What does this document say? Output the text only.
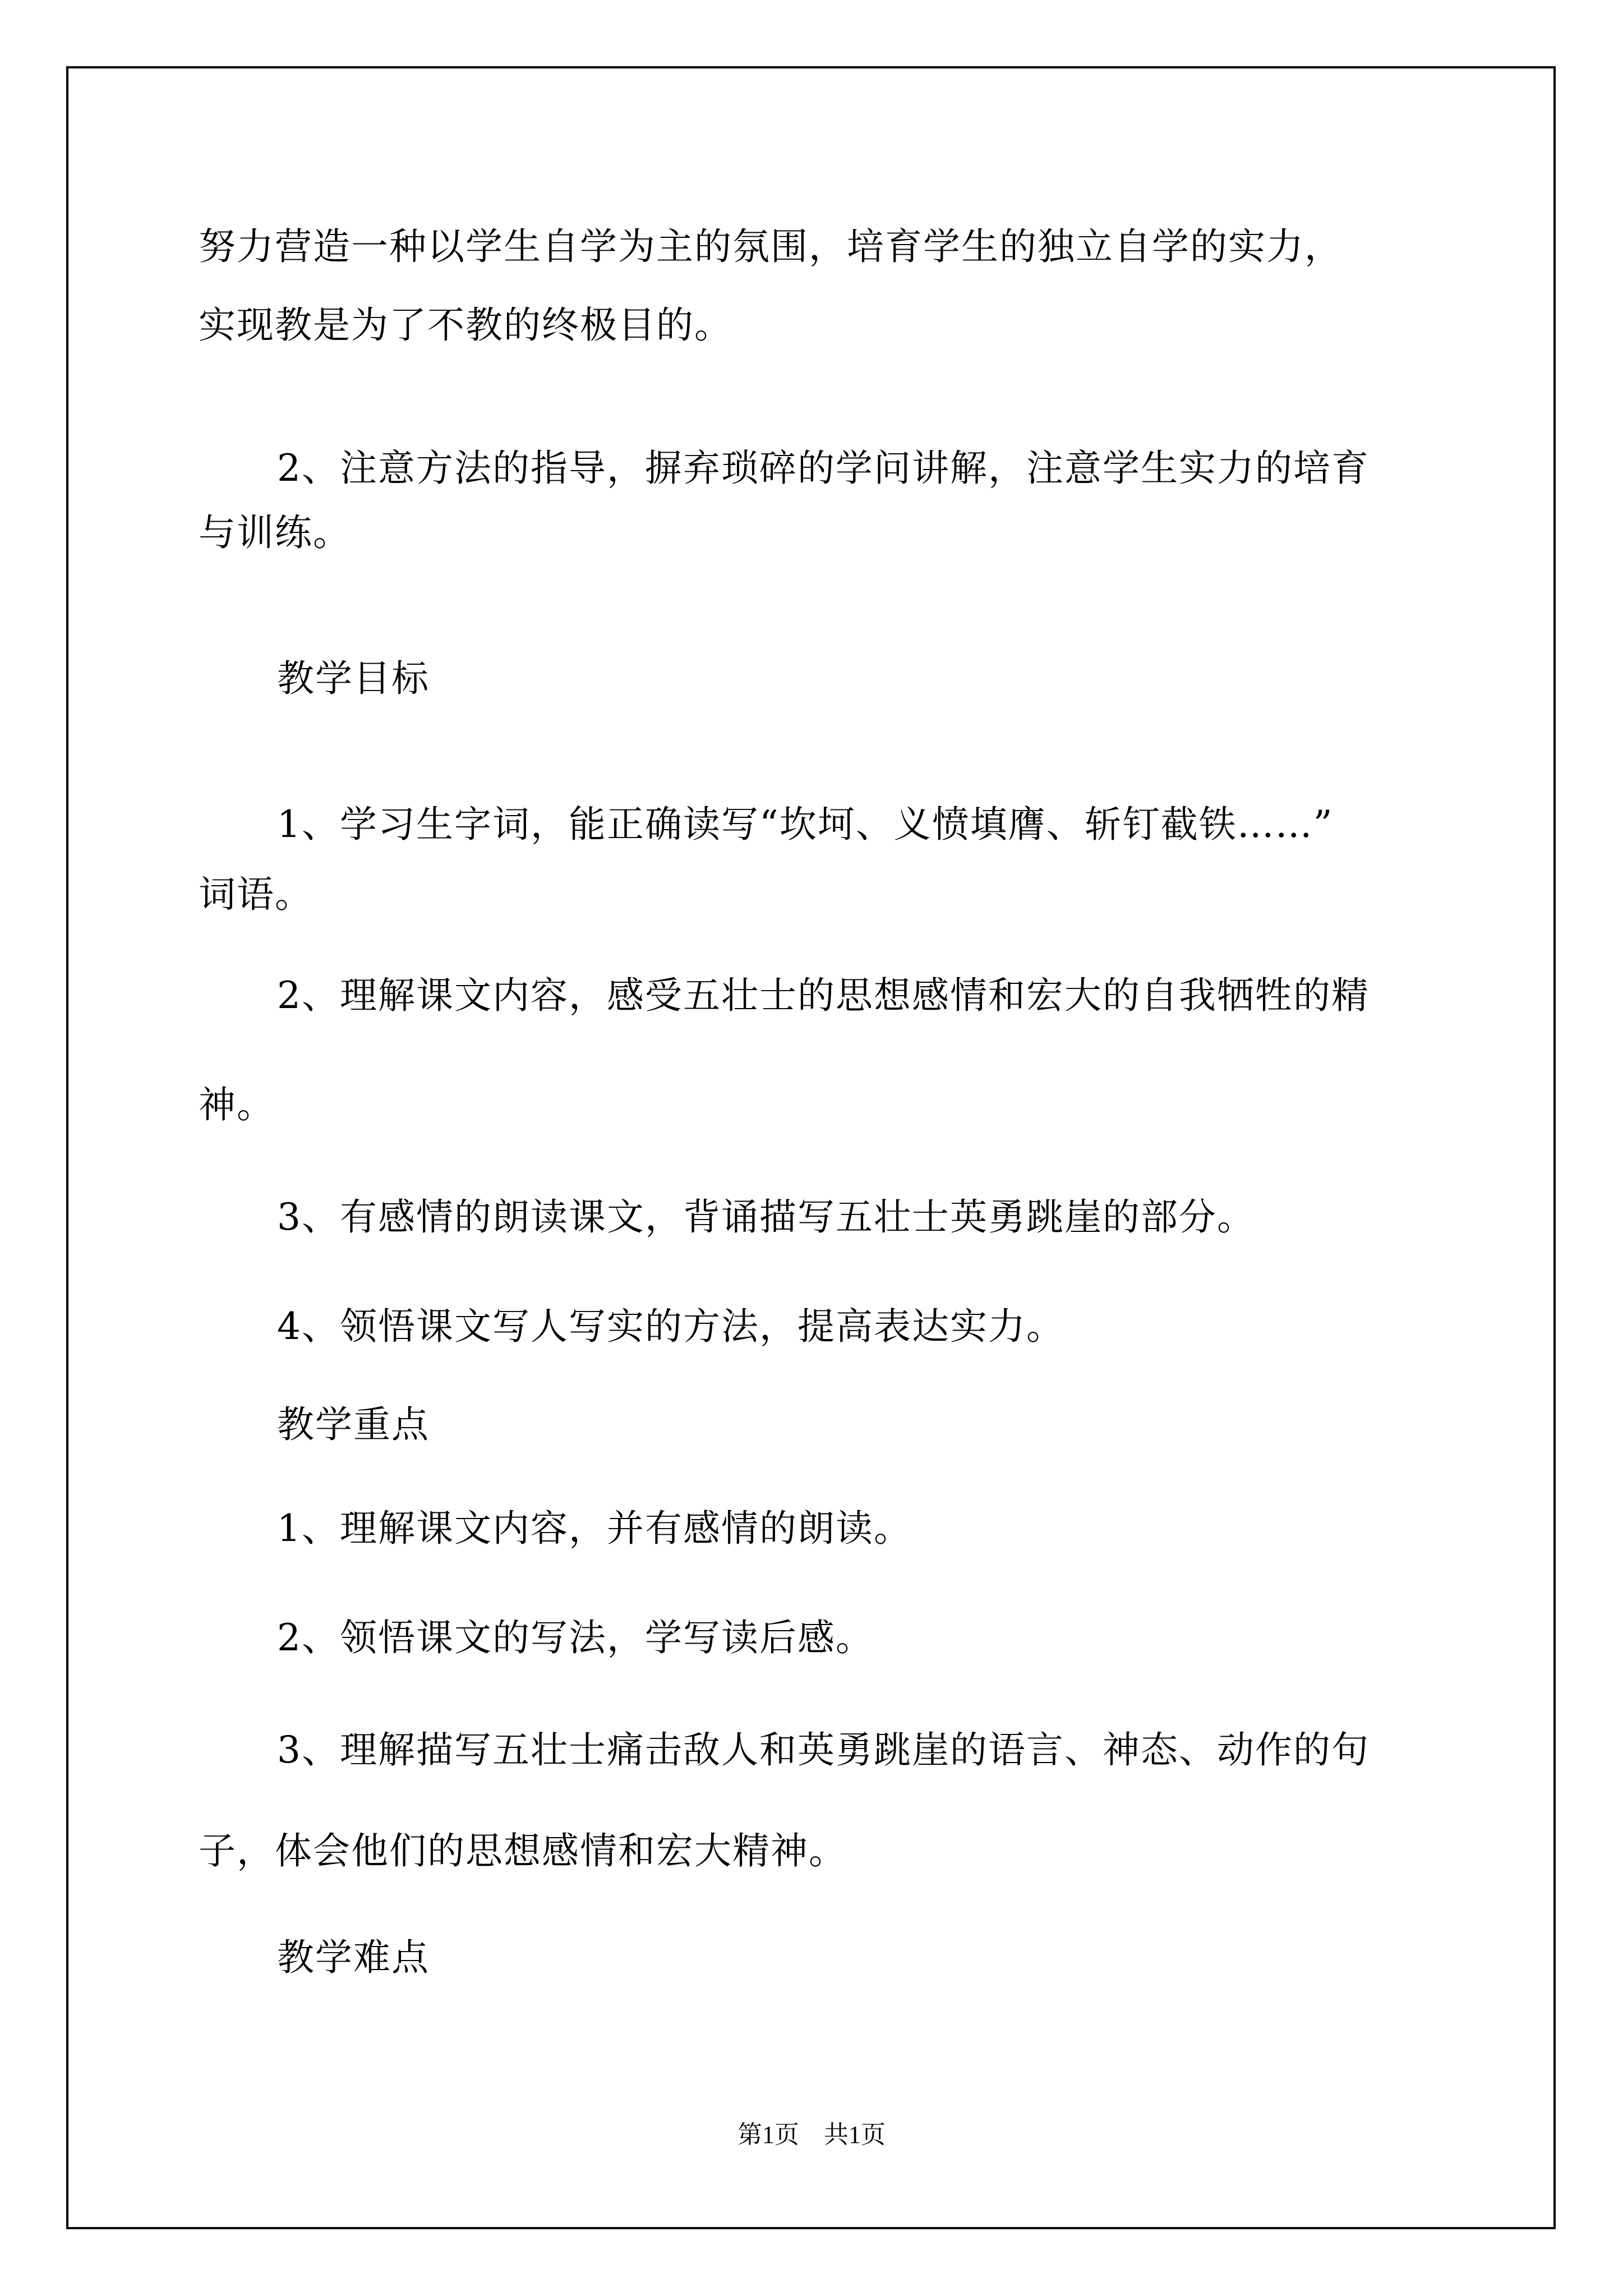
努力营造一种以学生自学为主的氛围，培育学生的独立自学的实力，
实现教是为了不教的终极目的。
2、注意方法的指导，摒弃琐碎的学问讲解，注意学生实力的培育
与训练。
教学目标
1、学习生字词，能正确读写“坎坷、义愤填膺、斩钉截铁……”
词语。
2、理解课文内容，感受五壮士的思想感情和宏大的自我牺牲的精
神。
3、有感情的朗读课文，背诵描写五壮士英勇跳崖的部分。
4、领悟课文写人写实的方法，提高表达实力。
教学重点
1、理解课文内容，并有感情的朗读。
2、领悟课文的写法，学写读后感。
3、理解描写五壮士痛击敌人和英勇跳崖的语言、神态、动作的句
子，体会他们的思想感情和宏大精神。
教学难点
第1页　共1页
